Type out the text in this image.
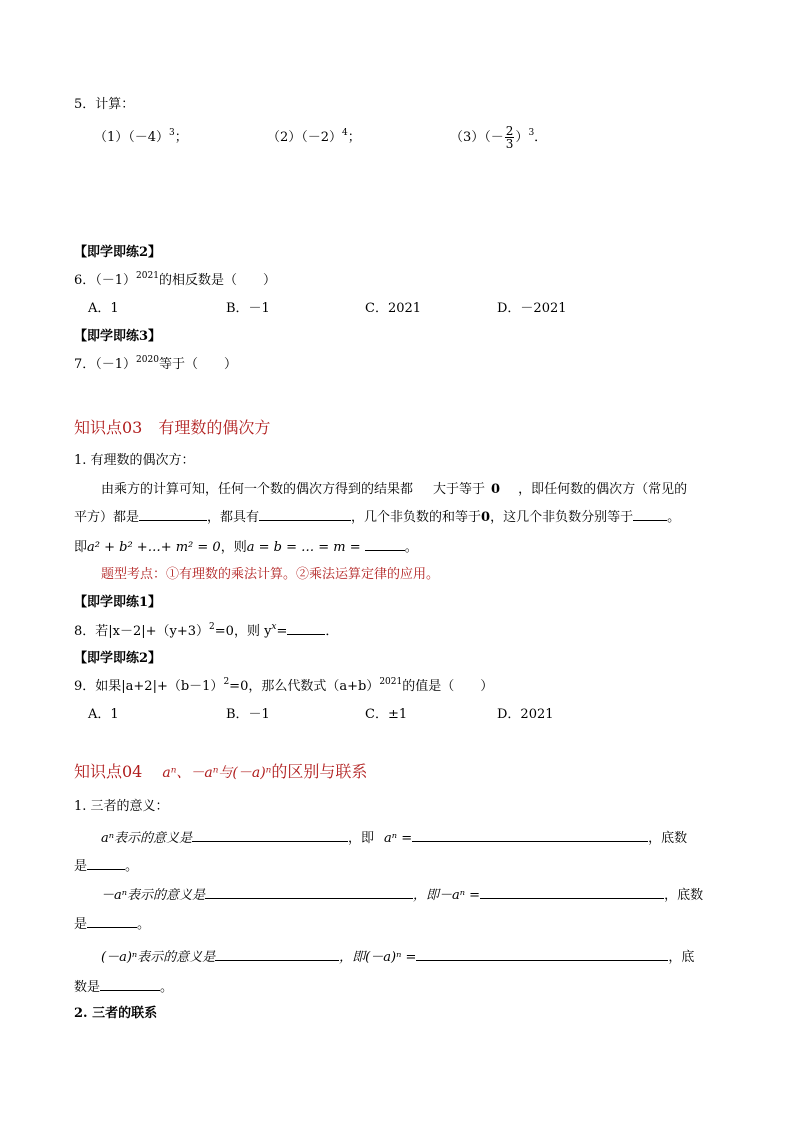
5．计算：
$(1)(-4)^3$；	$(2)(-2)^4$；	$(3)(- \frac{2}{3} )^3$．
【即学即练2】
6．$(-1)^{2021}$的相反数是（　　）
A．1	B．－1	C．2021	D．－2021
【即学即练3】
7．$(-1)^{2020}$等于（　　）
知识点03　有理数的偶次方
1. 有理数的偶次方：
由乘方的计算可知，任何一个数的偶次方得到的结果都 大于等于 0 ，即任何数的偶次方（常见的
平方）都是	，都具有	，几个非负数的和等于0，这几个非负数分别等于	。
即a² + b² +…+ m² = 0，则a = b = … = m =	。
题型考点：①有理数的乘法计算。②乘法运算定律的应用。
【即学即练1】
8．若$|x-2|+(y+3)^2=0$，则 $y^x=$	．
【即学即练2】
9．如果$|a+2|+(b-1)^2=0$，那么代数式$(a+b)^{2021}$的值是（　　）
A．1	B．－1	C．±1	D．2021
知识点04 aⁿ、－aⁿ与(－a)ⁿ的区别与联系
1. 三者的意义：
aⁿ表示的意义是	，即 aⁿ =	，底数
是	。
－aⁿ表示的意义是	，即－aⁿ =	，底数
是	。
(－a)ⁿ表示的意义是	，即(－a)ⁿ =	，底
数是	。
2. 三者的联系
